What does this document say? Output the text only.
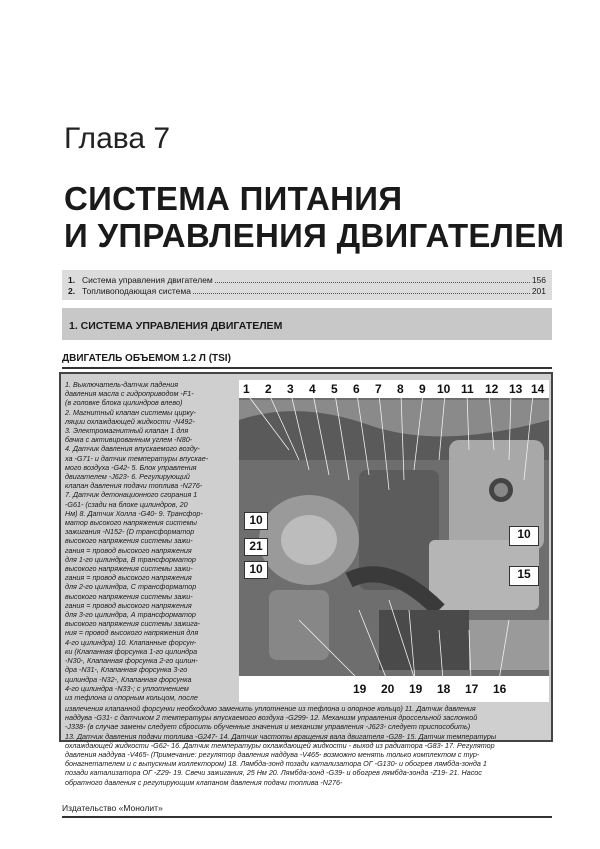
Глава 7
СИСТЕМА ПИТАНИЯ
И УПРАВЛЕНИЯ ДВИГАТЕЛЕМ
1. Система управления двигателем	156
2. Топливоподающая система	201
1. СИСТЕМА УПРАВЛЕНИЯ ДВИГАТЕЛЕМ
ДВИГАТЕЛЬ ОБЪЕМОМ 1.2 Л (TSI)
1. Выключатель-датчик падения
давления масла с гидроприводом -F1-
(в головке блока цилиндров влево)
2. Магнитный клапан системы цирку-
ляции охлаждающей жидкости -N492-
3. Электромагнитный клапан 1 для
бачка с активированным углем -N80-
4. Датчик давления впускаемого возду-
ха -G71- и датчик температуры впускае-
мого воздуха -G42- 5. Блок управления
двигателем -J623- 6. Регулирующий
клапан давления подачи топлива -N276-
7. Датчик детонационного сгорания 1
-G61- (сзади на блоке цилиндров, 20
Нм) 8. Датчик Холла -G40- 9. Трансфор-
матор высокого напряжения системы
зажигания -N152- (D трансформатор
высокого напряжения системы зажи-
гания = провод высокого напряжения
для 1-го цилиндра, В трансформатор
высокого напряжения системы зажи-
гания = провод высокого напряжения
для 2-го цилиндра, С трансформатор
высокого напряжения системы зажи-
гания = провод высокого напряжения
для 3-го цилиндра, А трансформатор
высокого напряжения системы зажига-
ния = провод высокого напряжения для
4-го цилиндра) 10. Клапанные форсун-
ки (Клапанная форсунка 1-го цилиндра
-N30-, Клапанная форсунка 2-го цилин-
дра -N31-, Клапанная форсунка 3-го
цилиндра -N32-, Клапанная форсунка
4-го цилиндра -N33-; с уплотнением
из тефлона и опорным кольцом, после
1 2 3 4 5 6 7 8 9 10 11 12 13 14
10
21
10
10
15
19 20 19 18 17 16
извлечения клапанной форсунки необходимо заменить уплотнение из тефлона и опорное кольцо) 11. Датчик давления
наддува -G31- с датчиком 2 температуры впускаемого воздуха -G299- 12. Механизм управления дроссельной заслонкой
-J338- (в случае замены следует сбросить обученные значения и механизм управления -J623- следует приспособить)
13. Датчик давления подачи топлива -G247- 14. Датчик частоты вращения вала двигателя -G28- 15. Датчик температуры
охлаждающей жидкости -G62- 16. Датчик температуры охлаждающей жидкости - выход из радиатора -G83- 17. Регулятор
давления наддува -V465- (Примечание: регулятор давления наддува -V465- возможно менять только комплектом с тур-
бонагнетателем и с выпускным коллектором) 18. Лямбда-зонд позади катализатора ОГ -G130- и обогрев лямбда-зонда 1
позади катализатора ОГ -Z29- 19. Свечи зажигания, 25 Нм 20. Лямбда-зонд -G39- и обогрев лямбда-зонда -Z19- 21. Насос
обратного давления с регулирующим клапаном давления подачи топлива -N276-
Издательство «Монолит»
